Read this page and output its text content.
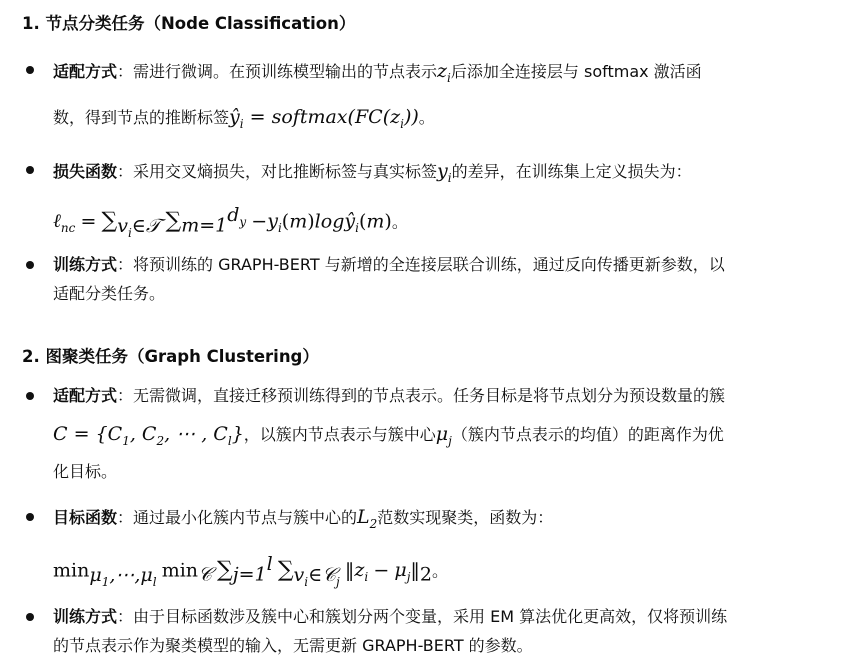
1. 节点分类任务（Node Classification）
适配方式：需进行微调。在预训练模型输出的节点表示$z_i$后添加全连接层与 softmax 激活函
数，得到节点的推断标签$ŷ_i$ = $softmax(FC(z_i))$。
损失函数：采用交叉熵损失，对比推断标签与真实标签$y_i$的差异，在训练集上定义损失为：
ℓ$_{nc}$ = $\sum_{v_i\in 𝒯}$ $\sum_{m=1}^{d_y}$ $-y_i(m)\log ŷ_i(m)$。
训练方式：将预训练的 GRAPH-BERT 与新增的全连接层联合训练，通过反向传播更新参数，以
适配分类任务。
2. 图聚类任务（Graph Clustering）
适配方式：无需微调，直接迁移预训练得到的节点表示。任务目标是将节点划分为预设数量的簇
$C = \{C_1$, $C_2$, ⋯ , $C_l$}，以簇内节点表示与簇中心$\mu_j$（簇内节点表示的均值）的距离作为优
化目标。
目标函数：通过最小化簇内节点与簇中心的$L_2$范数实现聚类，函数为：
$\min_{\mu_1,\cdots,\mu_l} \min_𝒞 \sum_{j=1}^l$ $\sum_{v_i\in 𝒞_j}$ $‖z_i$ − $\mu_j‖_2$。
训练方式：由于目标函数涉及簇中心和簇划分两个变量，采用 EM 算法优化更高效，仅将预训练
的节点表示作为聚类模型的输入，无需更新 GRAPH-BERT 的参数。
